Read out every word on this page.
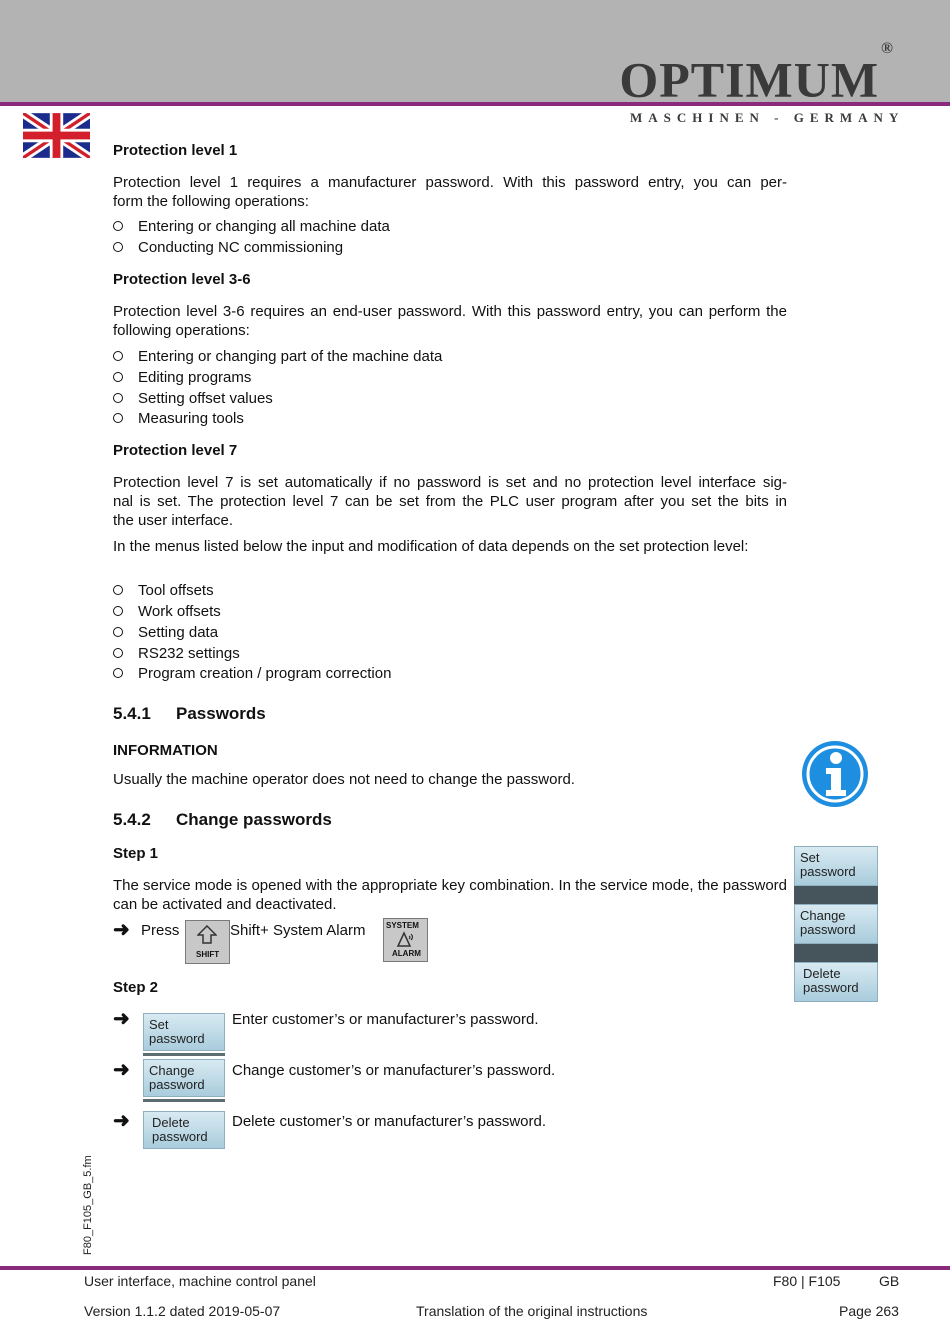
OPTIMUM®
MASCHINEN - GERMANY
Protection level 1
Protection level 1 requires a manufacturer password. With this password entry, you can per-
form the following operations:
Entering or changing all machine data
Conducting NC commissioning
Protection level 3-6
Protection level 3-6 requires an end-user password. With this password entry, you can perform the following operations:
Entering or changing part of the machine data
Editing programs
Setting offset values
Measuring tools
Protection level 7
Protection level 7 is set automatically if no password is set and no protection level interface sig-
nal is set. The protection level 7 can be set from the PLC user program after you set the bits in
the user interface.
In the menus listed below the input and modification of data depends on the set protection level:
Tool offsets
Work offsets
Setting data
RS232 settings
Program creation / program correction
5.4.1 Passwords
INFORMATION
Usually the machine operator does not need to change the password.
5.4.2 Change passwords
Step 1
The service mode is opened with the appropriate key combination. In the service mode, the password can be activated and deactivated.
➜ Press
SHIFT
Shift+ System Alarm	SYSTEM
ALARM
Step 2
➜ Set
password
Enter customer’s or manufacturer’s password.
➜ Change
password
Change customer’s or manufacturer’s password.
➜ Delete
password
Delete customer’s or manufacturer’s password.
Set
password
Change
password
Delete
password
F80_F105_GB_5.fm
User interface, machine control panel	F80 | F105	GB
Version 1.1.2 dated 2019-05-07	Translation of the original instructions	Page 263
